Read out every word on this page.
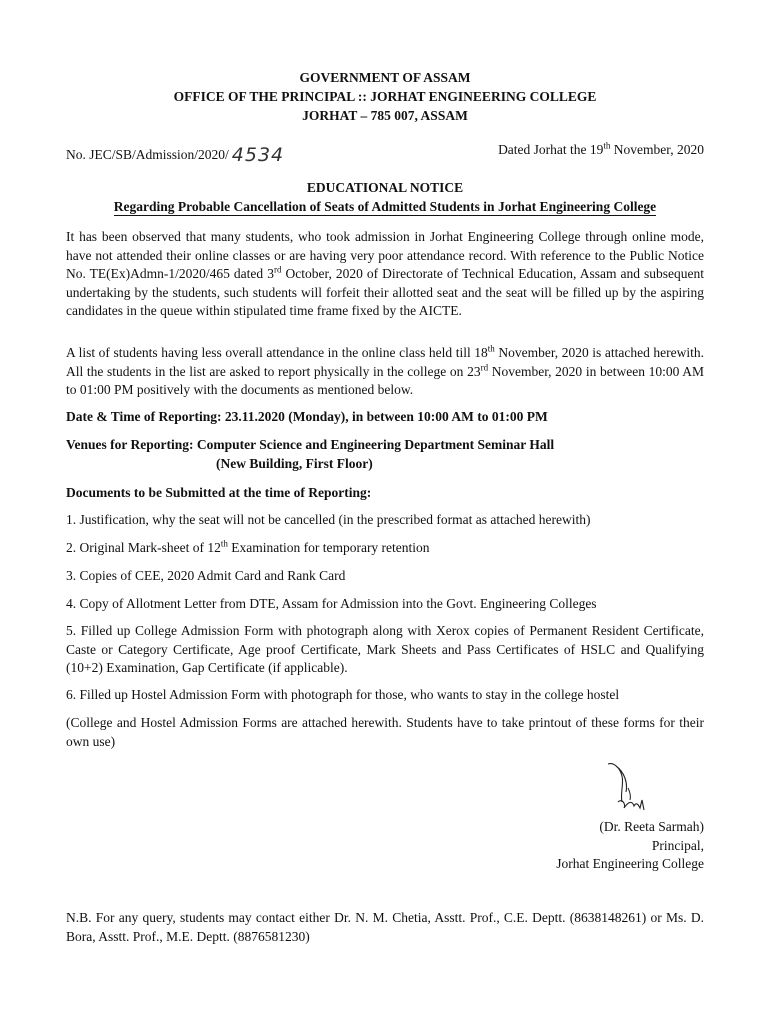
GOVERNMENT OF ASSAM
OFFICE OF THE PRINCIPAL :: JORHAT ENGINEERING COLLEGE
JORHAT – 785 007, ASSAM
No. JEC/SB/Admission/2020/ 4534	Dated Jorhat the 19th November, 2020
EDUCATIONAL NOTICE
Regarding Probable Cancellation of Seats of Admitted Students in Jorhat Engineering College
It has been observed that many students, who took admission in Jorhat Engineering College through online mode, have not attended their online classes or are having very poor attendance record. With reference to the Public Notice No. TE(Ex)Admn-1/2020/465 dated 3rd October, 2020 of Directorate of Technical Education, Assam and subsequent undertaking by the students, such students will forfeit their allotted seat and the seat will be filled up by the aspiring candidates in the queue within stipulated time frame fixed by the AICTE.
A list of students having less overall attendance in the online class held till 18th November, 2020 is attached herewith. All the students in the list are asked to report physically in the college on 23rd November, 2020 in between 10:00 AM to 01:00 PM positively with the documents as mentioned below.
Date & Time of Reporting: 23.11.2020 (Monday), in between 10:00 AM to 01:00 PM
Venues for Reporting: Computer Science and Engineering Department Seminar Hall
(New Building, First Floor)
Documents to be Submitted at the time of Reporting:
1. Justification, why the seat will not be cancelled (in the prescribed format as attached herewith)
2. Original Mark-sheet of 12th Examination for temporary retention
3. Copies of CEE, 2020 Admit Card and Rank Card
4. Copy of Allotment Letter from DTE, Assam for Admission into the Govt. Engineering Colleges
5. Filled up College Admission Form with photograph along with Xerox copies of Permanent Resident Certificate, Caste or Category Certificate, Age proof Certificate, Mark Sheets and Pass Certificates of HSLC and Qualifying (10+2) Examination, Gap Certificate (if applicable).
6. Filled up Hostel Admission Form with photograph for those, who wants to stay in the college hostel
(College and Hostel Admission Forms are attached herewith. Students have to take printout of these forms for their own use)
(Dr. Reeta Sarmah)
Principal,
Jorhat Engineering College
N.B. For any query, students may contact either Dr. N. M. Chetia, Asstt. Prof., C.E. Deptt. (8638148261) or Ms. D. Bora, Asstt. Prof., M.E. Deptt. (8876581230)
